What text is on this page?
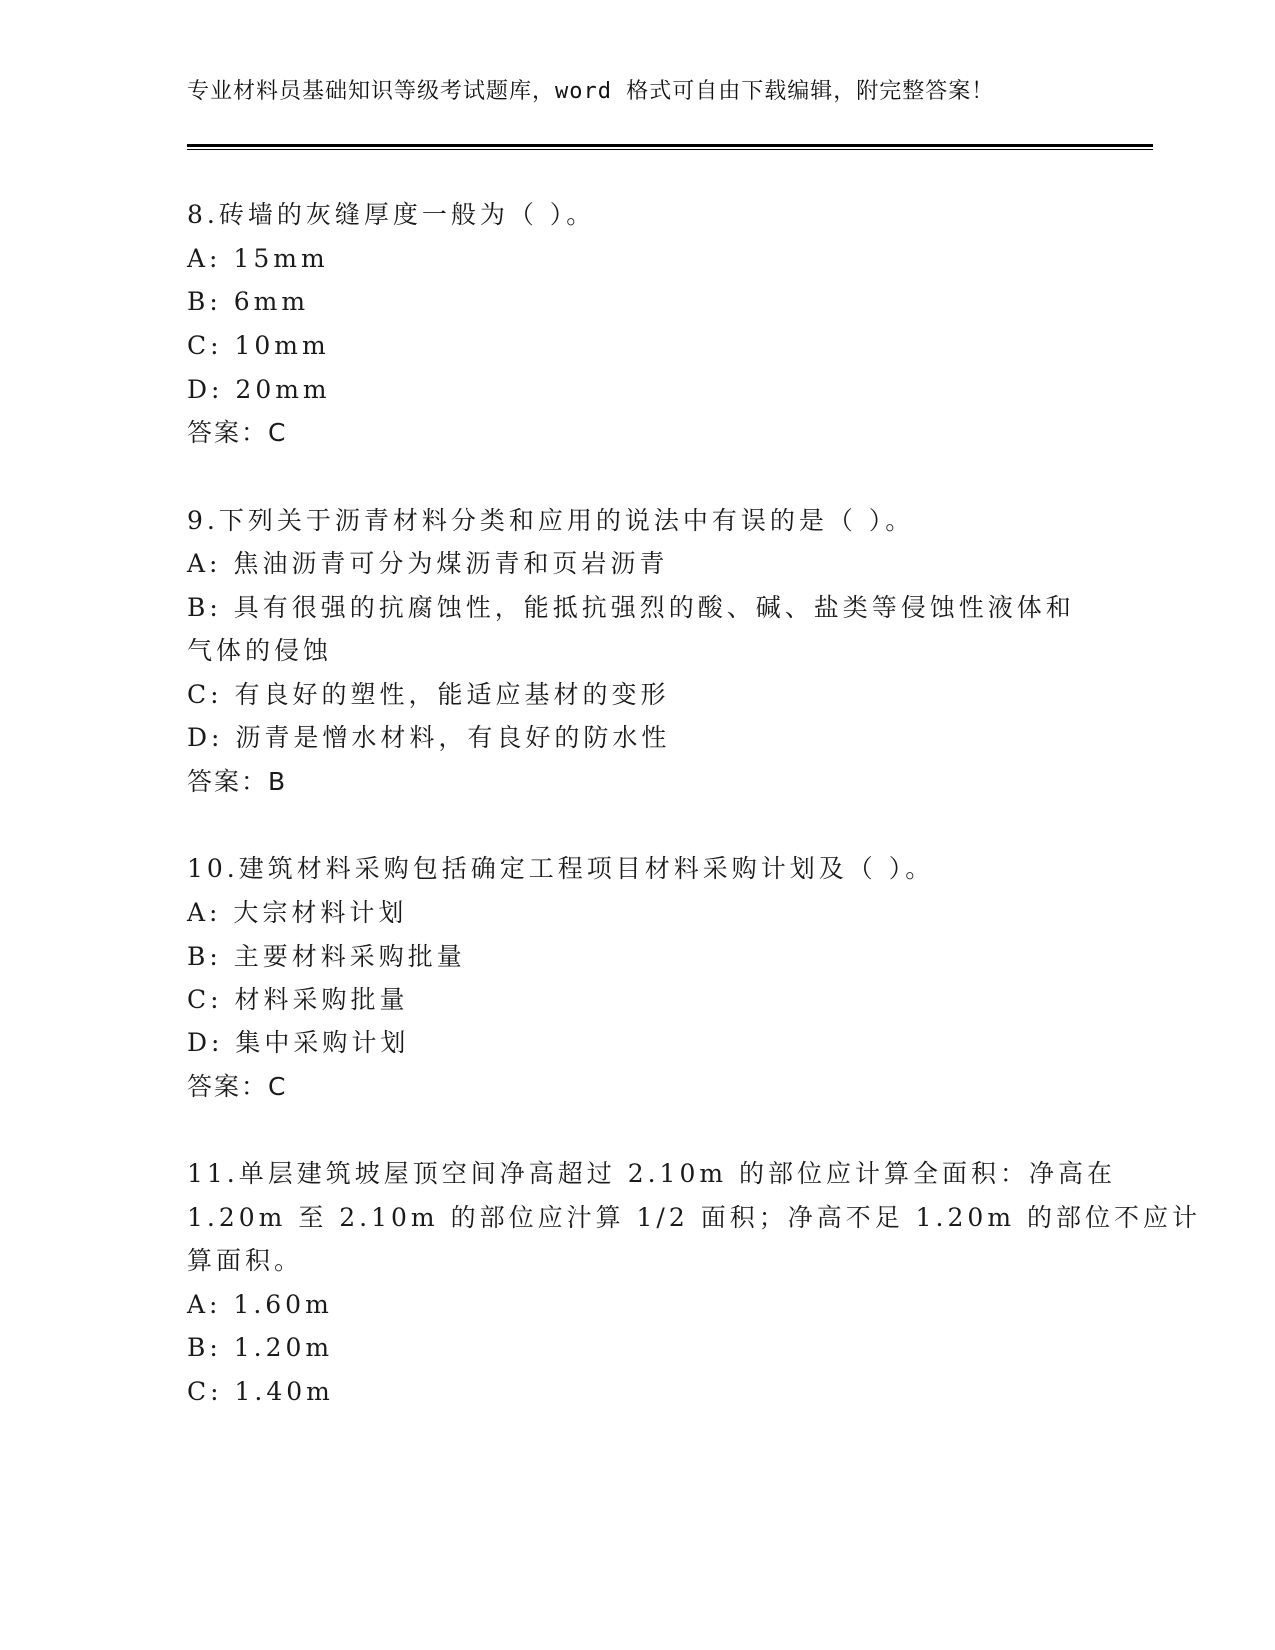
专业材料员基础知识等级考试题库，word 格式可自由下载编辑，附完整答案！
8.砖墙的灰缝厚度一般为（ ）。
A: 15mm
B: 6mm
C: 10mm
D: 20mm
答案：C
9.下列关于沥青材料分类和应用的说法中有误的是（ ）。
A: 焦油沥青可分为煤沥青和页岩沥青
B: 具有很强的抗腐蚀性，能抵抗强烈的酸、碱、盐类等侵蚀性液体和
气体的侵蚀
C: 有良好的塑性，能适应基材的变形
D: 沥青是憎水材料，有良好的防水性
答案：B
10.建筑材料采购包括确定工程项目材料采购计划及（ ）。
A: 大宗材料计划
B: 主要材料采购批量
C: 材料采购批量
D: 集中采购计划
答案：C
11.单层建筑坡屋顶空间净高超过 2.10m 的部位应计算全面积：净高在
1.20m 至 2.10m 的部位应汁算 1/2 面积；净高不足 1.20m 的部位不应计
算面积。
A: 1.60m
B: 1.20m
C: 1.40m
